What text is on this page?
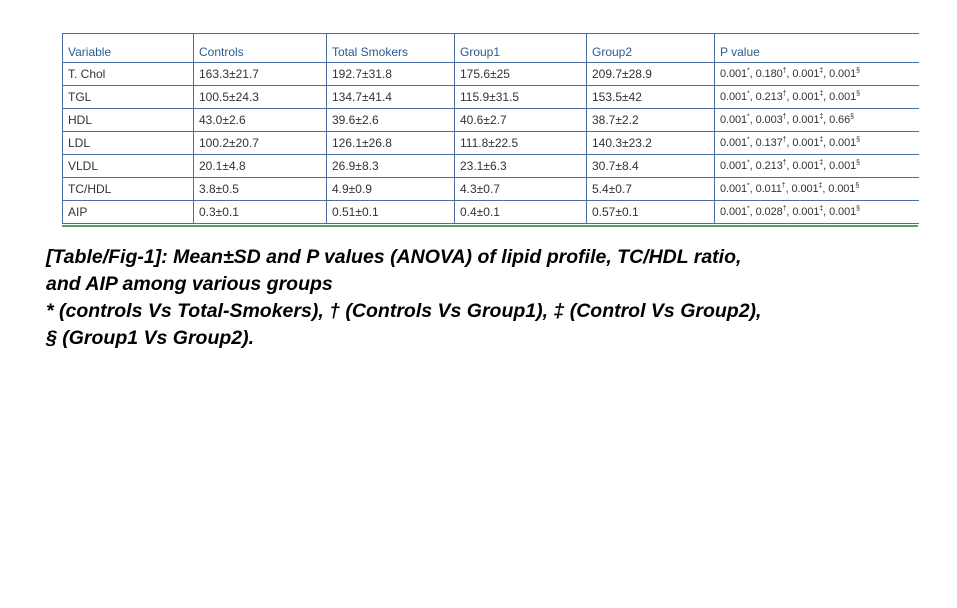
Variable	Controls	Total Smokers	Group1	Group2	P value
T. Chol	163.3±21.7	192.7±31.8	175.6±25	209.7±28.9	0.001*, 0.180†, 0.001‡, 0.001§
TGL	100.5±24.3	134.7±41.4	115.9±31.5	153.5±42	0.001*, 0.213†, 0.001‡, 0.001§
HDL	43.0±2.6	39.6±2.6	40.6±2.7	38.7±2.2	0.001*, 0.003†, 0.001‡, 0.66§
LDL	100.2±20.7	126.1±26.8	111.8±22.5	140.3±23.2	0.001*, 0.137†, 0.001‡, 0.001§
VLDL	20.1±4.8	26.9±8.3	23.1±6.3	30.7±8.4	0.001*, 0.213†, 0.001‡, 0.001§
TC/HDL	3.8±0.5	4.9±0.9	4.3±0.7	5.4±0.7	0.001*, 0.011†, 0.001‡, 0.001§
AIP	0.3±0.1	0.51±0.1	0.4±0.1	0.57±0.1	0.001*, 0.028†, 0.001‡, 0.001§
[Table/Fig-1]: Mean±SD and P values (ANOVA) of lipid profile, TC/HDL ratio,
and AIP among various groups
* (controls Vs Total-Smokers), † (Controls Vs Group1), ‡ (Control Vs Group2),
§ (Group1 Vs Group2).
